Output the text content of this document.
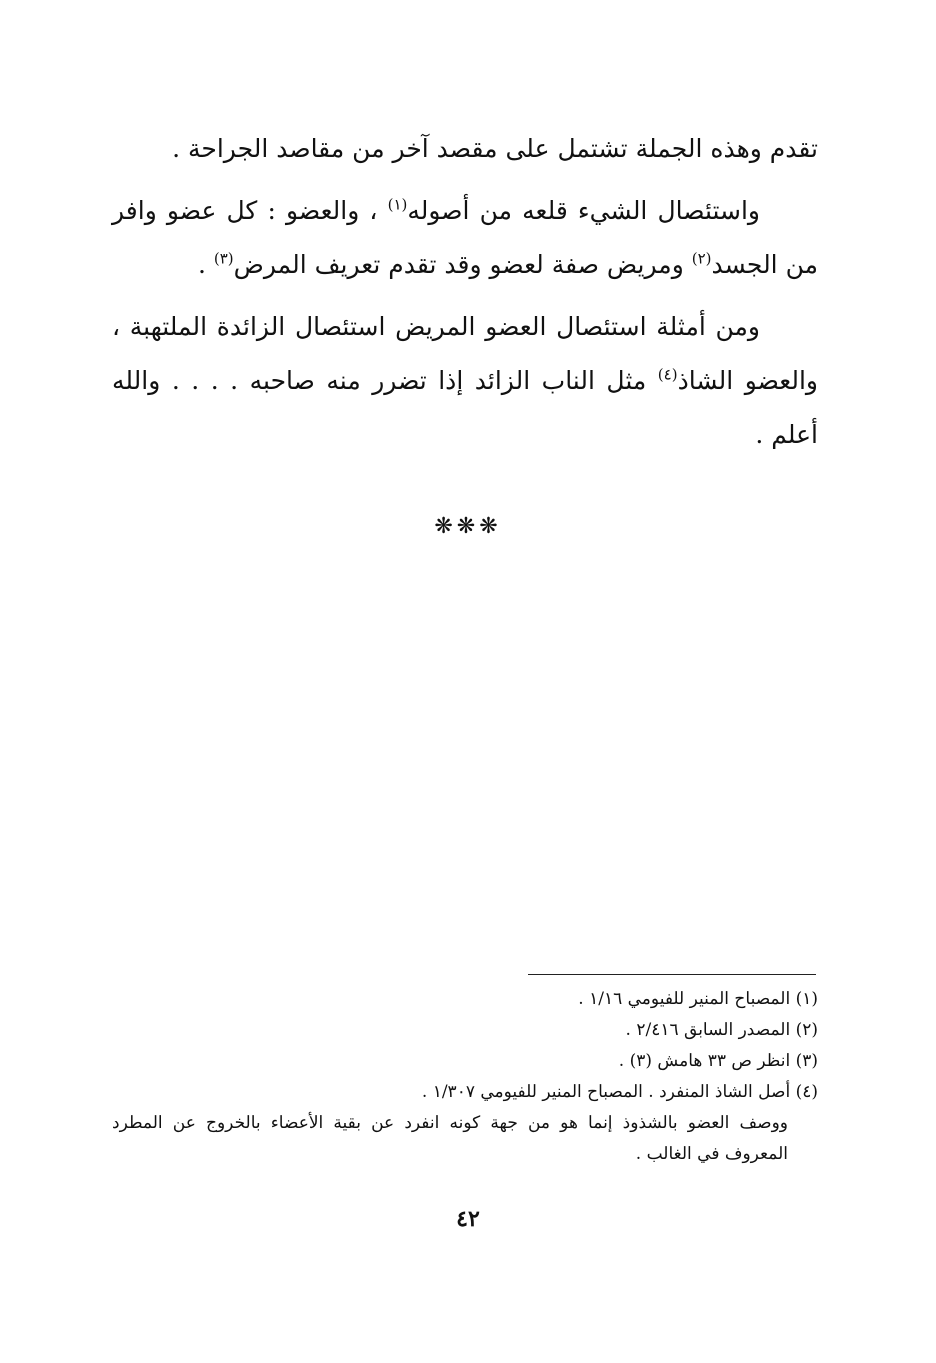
تقدم وهذه الجملة تشتمل على مقصد آخر من مقاصد الجراحة .

واستئصال الشيء قلعه من أصوله$^{(١)}$ ، والعضو : كل عضو وافر من الجسد$^{(٢)}$ ومريض صفة لعضو وقد تقدم تعريف المرض$^{(٣)}$ .

ومن أمثلة استئصال العضو المريض استئصال الزائدة الملتهبة ، والعضو الشاذ$^{(٤)}$ مثل الناب الزائد إذا تضرر منه صاحبه . . . . والله أعلم .

❋❋❋

(١) المصباح المنير للفيومي ١/١٦ .

(٢) المصدر السابق ٢/٤١٦ .

(٣) انظر ص ٣٣ هامش (٣) .

(٤) أصل الشاذ المنفرد . المصباح المنير للفيومي ١/٣٠٧ .

ووصف العضو بالشذوذ إنما هو من جهة كونه انفرد عن بقية الأعضاء بالخروج عن المطرد المعروف في الغالب .

٤٢
